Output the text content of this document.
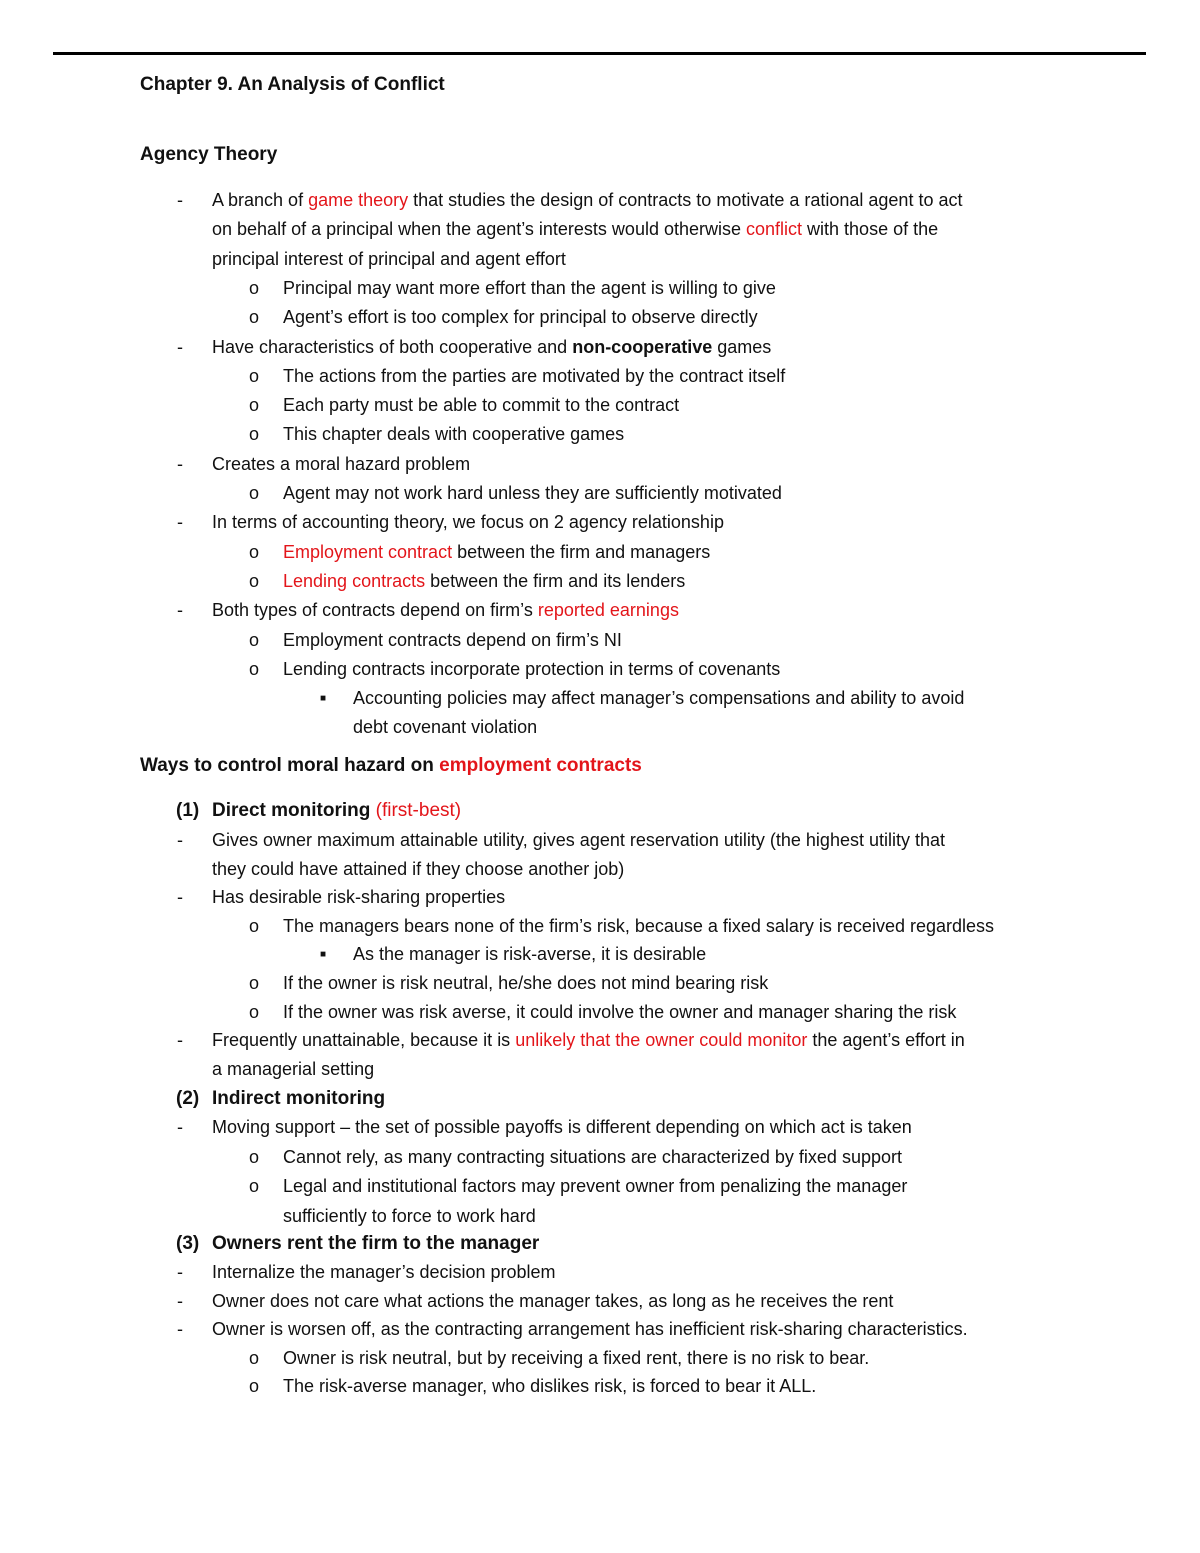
Chapter 9. An Analysis of Conflict
Agency Theory
- A branch of game theory that studies the design of contracts to motivate a rational agent to act
on behalf of a principal when the agent’s interests would otherwise conflict with those of the
principal interest of principal and agent effort
o Principal may want more effort than the agent is willing to give
o Agent’s effort is too complex for principal to observe directly
- Have characteristics of both cooperative and non-cooperative games
o The actions from the parties are motivated by the contract itself
o Each party must be able to commit to the contract
o This chapter deals with cooperative games
- Creates a moral hazard problem
o Agent may not work hard unless they are sufficiently motivated
- In terms of accounting theory, we focus on 2 agency relationship
o Employment contract between the firm and managers
o Lending contracts between the firm and its lenders
- Both types of contracts depend on firm’s reported earnings
o Employment contracts depend on firm’s NI
o Lending contracts incorporate protection in terms of covenants
■ Accounting policies may affect manager’s compensations and ability to avoid
debt covenant violation
Ways to control moral hazard on employment contracts
(1) Direct monitoring (first-best)
- Gives owner maximum attainable utility, gives agent reservation utility (the highest utility that
they could have attained if they choose another job)
- Has desirable risk-sharing properties
o The managers bears none of the firm’s risk, because a fixed salary is received regardless
■ As the manager is risk-averse, it is desirable
o If the owner is risk neutral, he/she does not mind bearing risk
o If the owner was risk averse, it could involve the owner and manager sharing the risk
- Frequently unattainable, because it is unlikely that the owner could monitor the agent’s effort in
a managerial setting
(2) Indirect monitoring
- Moving support – the set of possible payoffs is different depending on which act is taken
o Cannot rely, as many contracting situations are characterized by fixed support
o Legal and institutional factors may prevent owner from penalizing the manager
sufficiently to force to work hard
(3) Owners rent the firm to the manager
- Internalize the manager’s decision problem
- Owner does not care what actions the manager takes, as long as he receives the rent
- Owner is worsen off, as the contracting arrangement has inefficient risk-sharing characteristics.
o Owner is risk neutral, but by receiving a fixed rent, there is no risk to bear.
o The risk-averse manager, who dislikes risk, is forced to bear it ALL.
